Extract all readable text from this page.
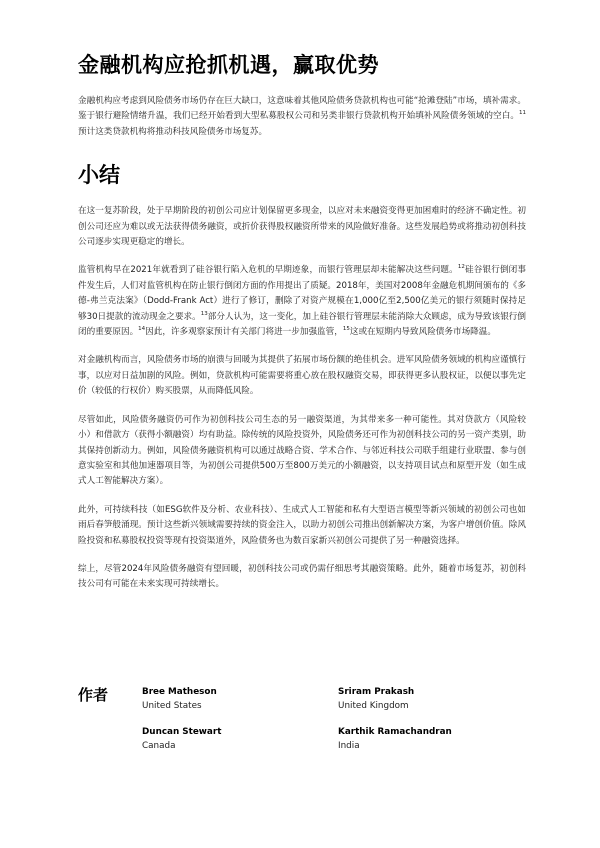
金融机构应抢抓机遇，赢取优势

金融机构应考虑到风险债务市场仍存在巨大缺口，这意味着其他风险债务贷款机构也可能“抢滩登陆”市场，填补需求。鉴于银行避险情绪升温，我们已经开始看到大型私募股权公司和另类非银行贷款机构开始填补风险债务领域的空白。$^{11}$预计这类贷款机构将推动科技风险债务市场复苏。

小结

在这一复苏阶段，处于早期阶段的初创公司应计划保留更多现金，以应对未来融资变得更加困难时的经济不确定性。初创公司还应为难以或无法获得债务融资，或折价获得股权融资所带来的风险做好准备。这些发展趋势或将推动初创科技公司逐步实现更稳定的增长。

监管机构早在2021年就看到了硅谷银行陷入危机的早期迹象，而银行管理层却未能解决这些问题。$^{12}$硅谷银行倒闭事件发生后，人们对监管机构在防止银行倒闭方面的作用提出了质疑。2018年，美国对2008年金融危机期间颁布的《多德-弗兰克法案》（Dodd-Frank Act）进行了修订，删除了对资产规模在1,000亿至2,500亿美元的银行须随时保持足够30日提款的流动现金之要求。$^{13}$部分人认为，这一变化，加上硅谷银行管理层未能消除大众顾虑，成为导致该银行倒闭的重要原因。$^{14}$因此，许多观察家预计有关部门将进一步加强监管，$^{15}$这或在短期内导致风险债务市场降温。

对金融机构而言，风险债务市场的崩溃与回暖为其提供了拓展市场份额的绝佳机会。进军风险债务领域的机构应谨慎行事，以应对日益加剧的风险。例如，贷款机构可能需要将重心放在股权融资交易，即获得更多认股权证，以便以事先定价（较低的行权价）购买股票，从而降低风险。

尽管如此，风险债务融资仍可作为初创科技公司生态的另一融资渠道，为其带来多一种可能性。其对贷款方（风险较小）和借款方（获得小额融资）均有助益。除传统的风险投资外，风险债务还可作为初创科技公司的另一资产类别，助其保持创新动力。例如，风险债务融资机构可以通过战略合资、学术合作、与邻近科技公司联手组建行业联盟、参与创意实验室和其他加速器项目等，为初创公司提供500万至800万美元的小额融资，以支持项目试点和原型开发（如生成式人工智能解决方案）。

此外，可持续科技（如ESG软件及分析、农业科技）、生成式人工智能和私有大型语言模型等新兴领域的初创公司也如雨后春笋般涌现。预计这些新兴领域需要持续的资金注入，以助力初创公司推出创新解决方案，为客户增创价值。除风险投资和私募股权投资等现有投资渠道外，风险债务也为数百家新兴初创公司提供了另一种融资选择。

综上，尽管2024年风险债务融资有望回暖，初创科技公司或仍需仔细思考其融资策略。此外，随着市场复苏，初创科技公司有可能在未来实现可持续增长。

作者	Bree Matheson
United States
Sriram Prakash
United Kingdom
Duncan Stewart
Canada
Karthik Ramachandran
India
